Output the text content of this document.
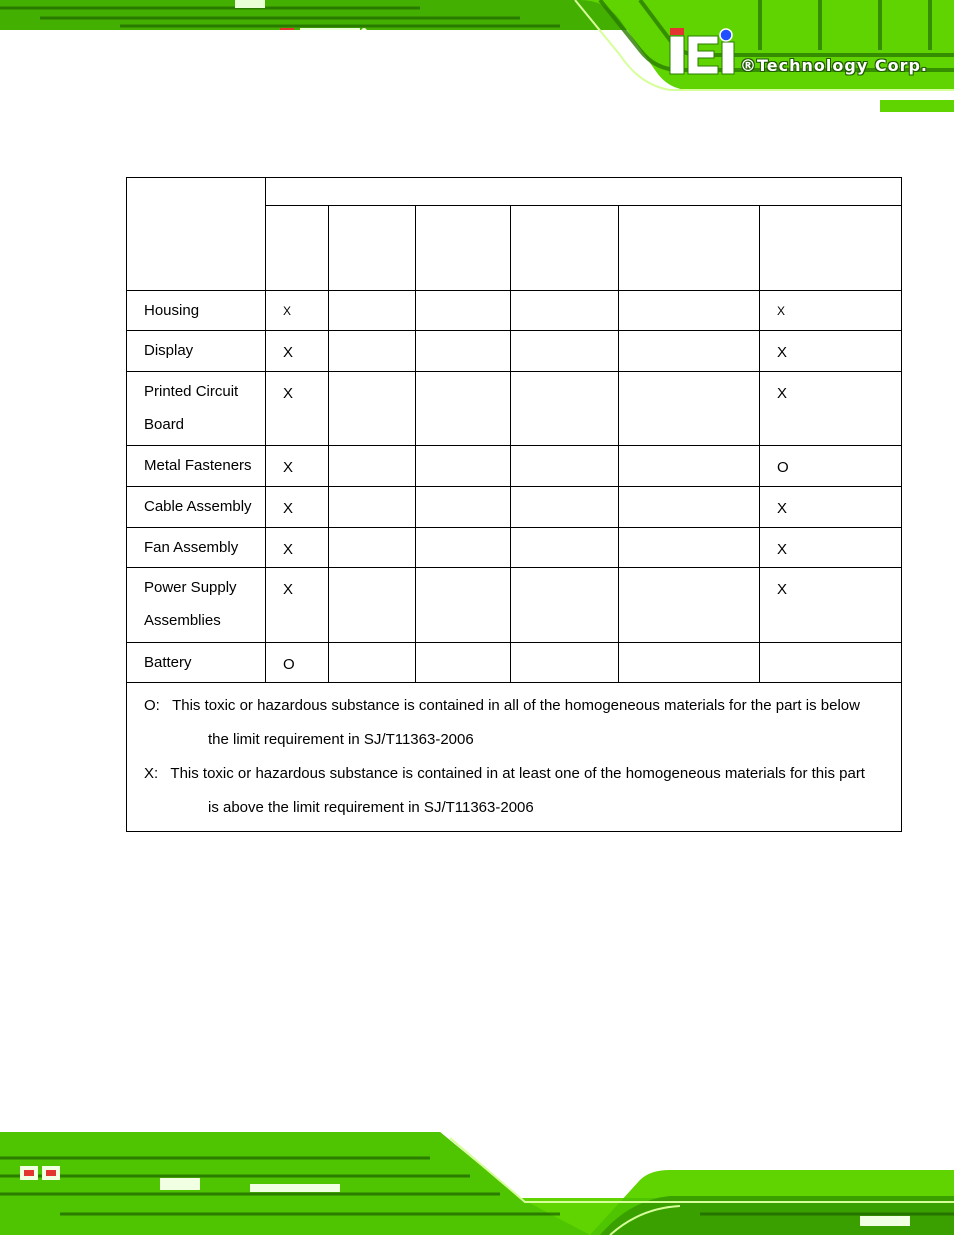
®Technology Corp.

Housing	X					X
Display	X					X

Printed Circuit
Board	X					X
Metal Fasteners	X					O
Cable Assembly	X					X
Fan Assembly	X					X

Power Supply
Assemblies	X					X
Battery	O					

O: This toxic or hazardous substance is contained in all of the homogeneous materials for the part is below
the limit requirement in SJ/T11363-2006
X: This toxic or hazardous substance is contained in at least one of the homogeneous materials for this part
is above the limit requirement in SJ/T11363-2006						
